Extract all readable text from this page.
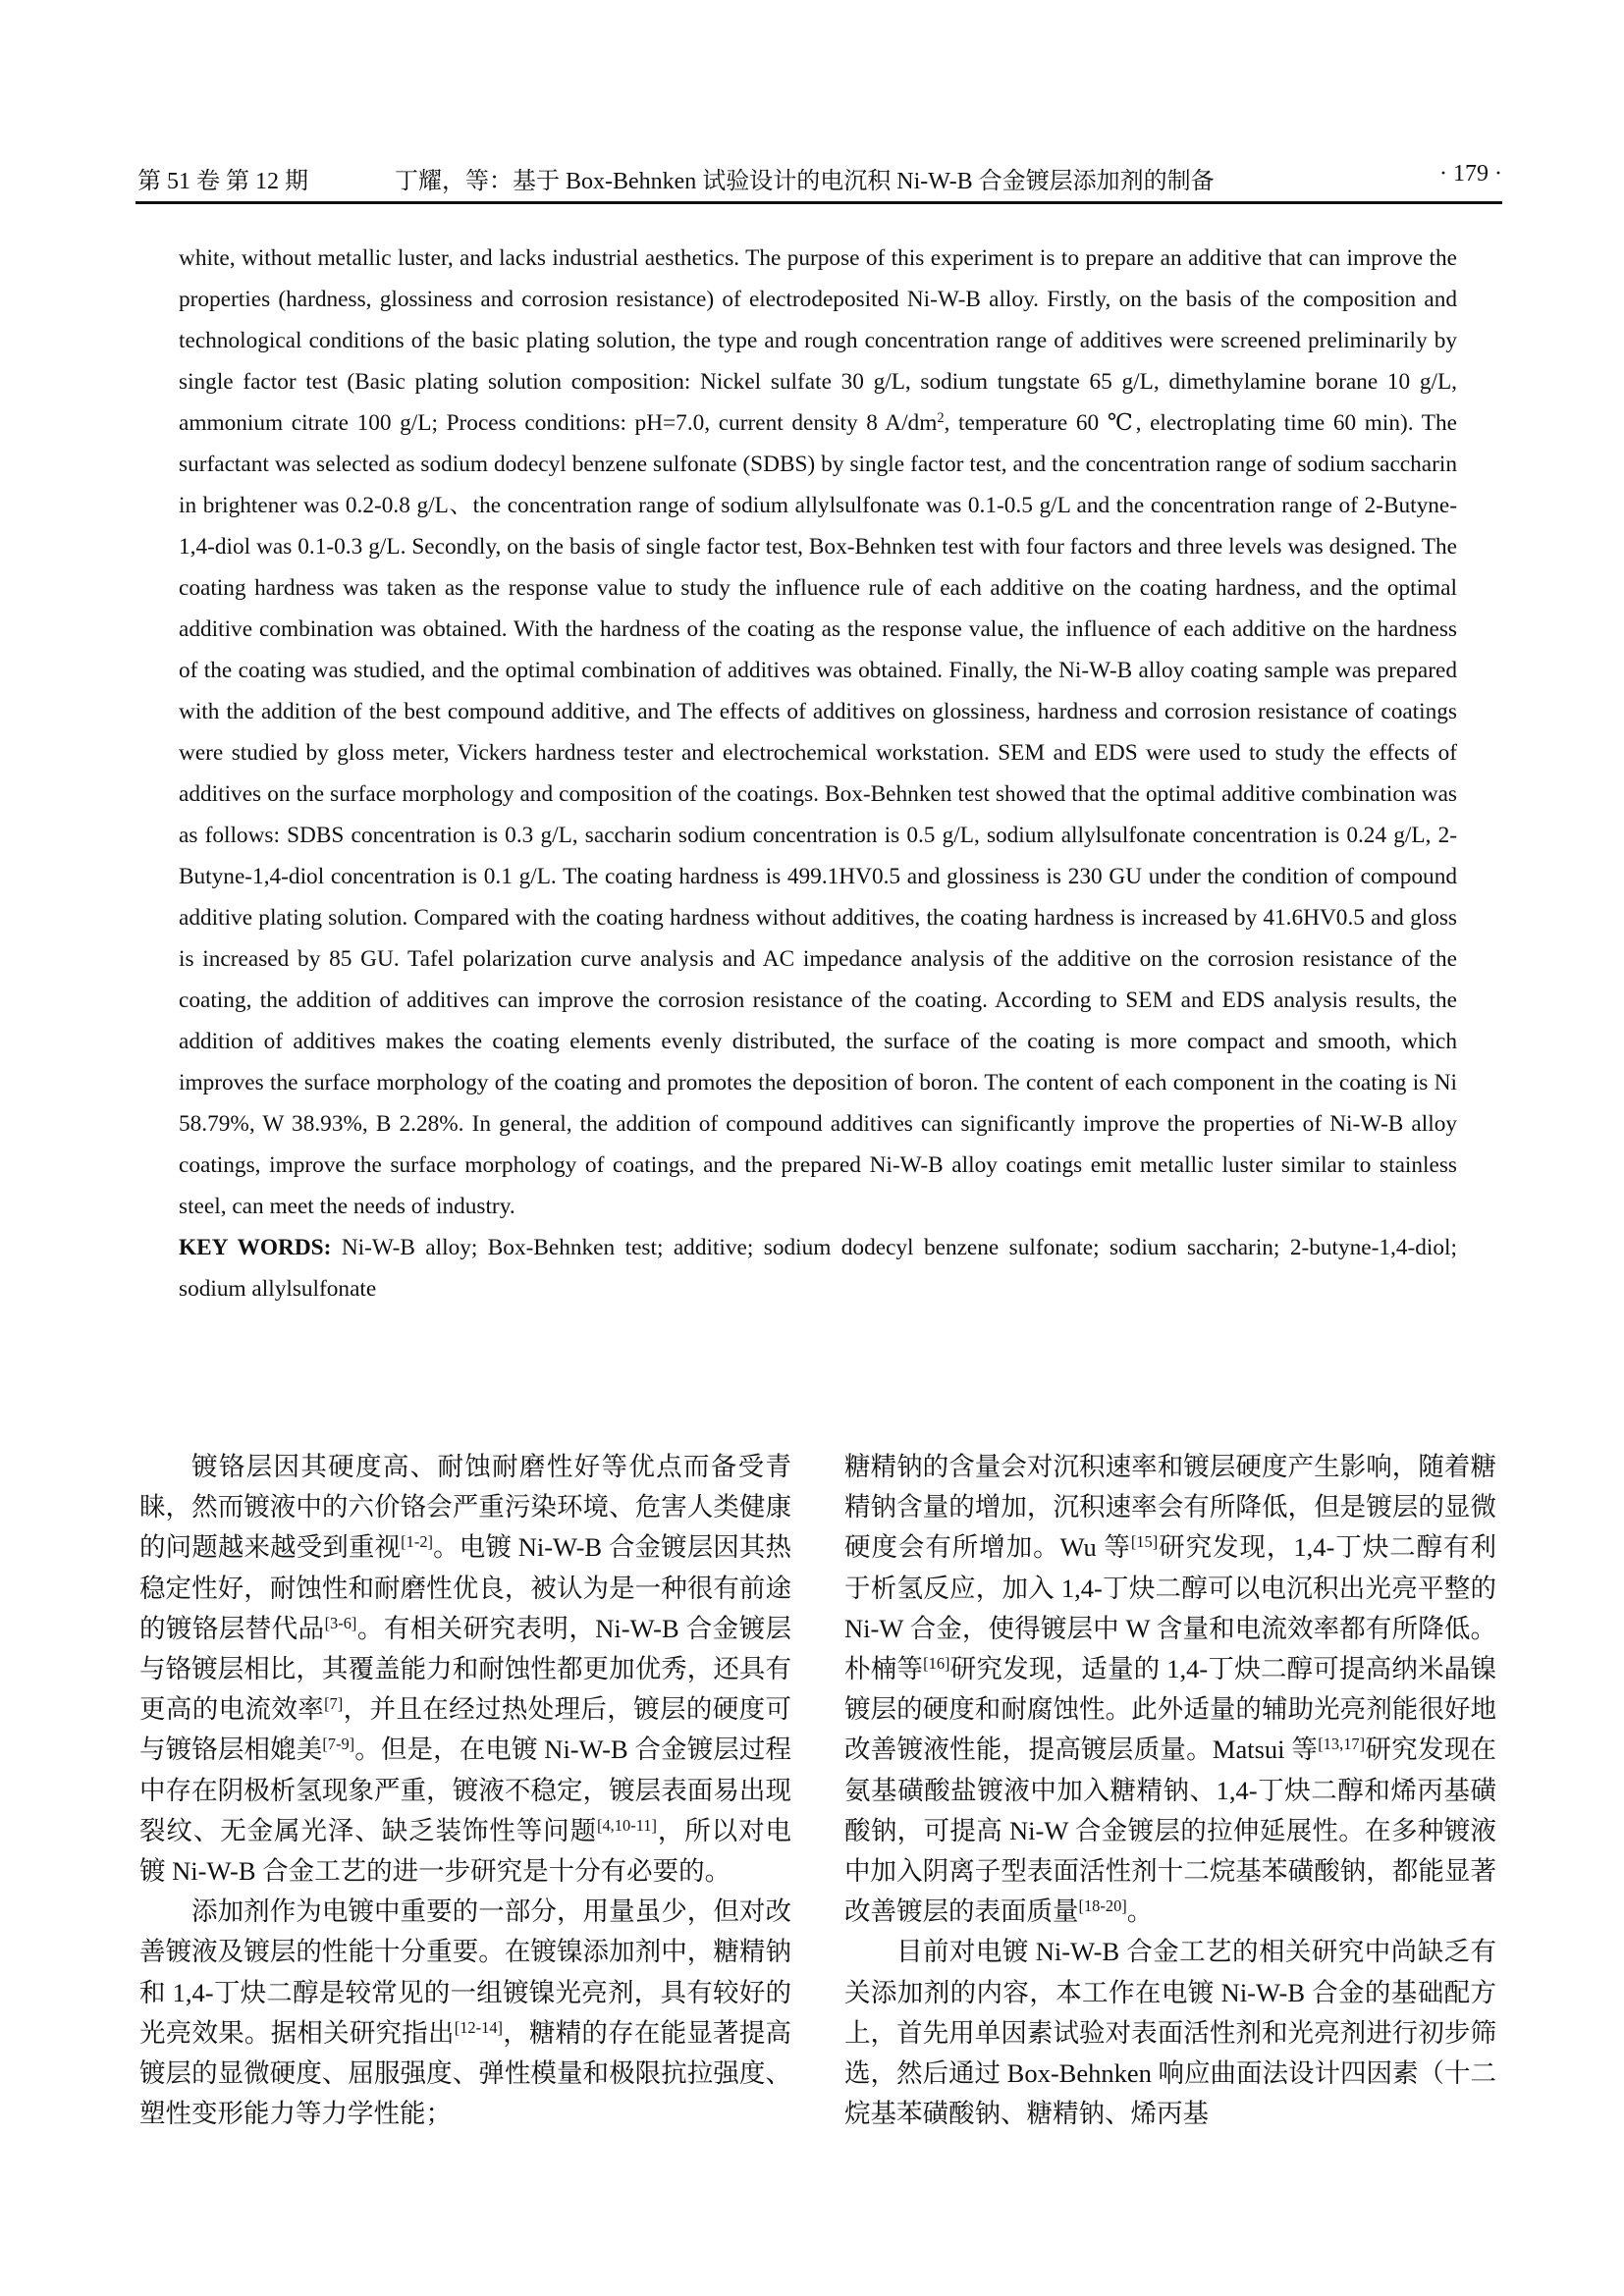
第 51 卷 第 12 期	丁耀，等：基于 Box-Behnken 试验设计的电沉积 Ni-W-B 合金镀层添加剂的制备	· 179 ·

white, without metallic luster, and lacks industrial aesthetics. The purpose of this experiment is to prepare an additive that can improve the properties (hardness, glossiness and corrosion resistance) of electrodeposited Ni-W-B alloy. Firstly, on the basis of the composition and technological conditions of the basic plating solution, the type and rough concentration range of additives were screened preliminarily by single factor test (Basic plating solution composition: Nickel sulfate 30 g/L, sodium tungstate 65 g/L, dimethylamine borane 10 g/L, ammonium citrate 100 g/L; Process conditions: pH=7.0, current density 8 $A/dm^2$, temperature 60 ℃, electroplating time 60 min). The surfactant was selected as sodium dodecyl benzene sulfonate (SDBS) by single factor test, and the concentration range of sodium saccharin in brightener was 0.2-0.8 g/L、the concentration range of sodium allylsulfonate was 0.1-0.5 g/L and the concentration range of 2-Butyne-1,4-diol was 0.1-0.3 g/L. Secondly, on the basis of single factor test, Box-Behnken test with four factors and three levels was designed. The coating hardness was taken as the response value to study the influence rule of each additive on the coating hardness, and the optimal additive combination was obtained. With the hardness of the coating as the response value, the influence of each additive on the hardness of the coating was studied, and the optimal combination of additives was obtained. Finally, the Ni-W-B alloy coating sample was prepared with the addition of the best compound additive, and The effects of additives on glossiness, hardness and corrosion resistance of coatings were studied by gloss meter, Vickers hardness tester and electrochemical workstation. SEM and EDS were used to study the effects of additives on the surface morphology and composition of the coatings. Box-Behnken test showed that the optimal additive combination was as follows: SDBS concentration is 0.3 g/L, saccharin sodium concentration is 0.5 g/L, sodium allylsulfonate concentration is 0.24 g/L, 2-Butyne-1,4-diol concentration is 0.1 g/L. The coating hardness is 499.1HV0.5 and glossiness is 230 GU under the condition of compound additive plating solution. Compared with the coating hardness without additives, the coating hardness is increased by 41.6HV0.5 and gloss is increased by 85 GU. Tafel polarization curve analysis and AC impedance analysis of the additive on the corrosion resistance of the coating, the addition of additives can improve the corrosion resistance of the coating. According to SEM and EDS analysis results, the addition of additives makes the coating elements evenly distributed, the surface of the coating is more compact and smooth, which improves the surface morphology of the coating and promotes the deposition of boron. The content of each component in the coating is Ni 58.79%, W 38.93%, B 2.28%. In general, the addition of compound additives can significantly improve the properties of Ni-W-B alloy coatings, improve the surface morphology of coatings, and the prepared Ni-W-B alloy coatings emit metallic luster similar to stainless steel, can meet the needs of industry.

KEY WORDS: Ni-W-B alloy; Box-Behnken test; additive; sodium dodecyl benzene sulfonate; sodium saccharin; 2-butyne-1,4-diol; sodium allylsulfonate

镀铬层因其硬度高、耐蚀耐磨性好等优点而备受青睐，然而镀液中的六价铬会严重污染环境、危害人类健康的问题越来越受到重视[1-2]。电镀 Ni-W-B 合金镀层因其热稳定性好，耐蚀性和耐磨性优良，被认为是一种很有前途的镀铬层替代品[3-6]。有相关研究表明，Ni-W-B 合金镀层与铬镀层相比，其覆盖能力和耐蚀性都更加优秀，还具有更高的电流效率[7]，并且在经过热处理后，镀层的硬度可与镀铬层相媲美[7-9]。但是，在电镀 Ni-W-B 合金镀层过程中存在阴极析氢现象严重，镀液不稳定，镀层表面易出现裂纹、无金属光泽、缺乏装饰性等问题[4,10-11]，所以对电镀 Ni-W-B 合金工艺的进一步研究是十分有必要的。

添加剂作为电镀中重要的一部分，用量虽少，但对改善镀液及镀层的性能十分重要。在镀镍添加剂中，糖精钠和 1,4-丁炔二醇是较常见的一组镀镍光亮剂，具有较好的光亮效果。据相关研究指出[12-14]，糖精的存在能显著提高镀层的显微硬度、屈服强度、弹性模量和极限抗拉强度、塑性变形能力等力学性能；

糖精钠的含量会对沉积速率和镀层硬度产生影响，随着糖精钠含量的增加，沉积速率会有所降低，但是镀层的显微硬度会有所增加。Wu 等[15]研究发现，1,4-丁炔二醇有利于析氢反应，加入 1,4-丁炔二醇可以电沉积出光亮平整的 Ni-W 合金，使得镀层中 W 含量和电流效率都有所降低。朴楠等[16]研究发现，适量的 1,4-丁炔二醇可提高纳米晶镍镀层的硬度和耐腐蚀性。此外适量的辅助光亮剂能很好地改善镀液性能，提高镀层质量。Matsui 等[13,17]研究发现在氨基磺酸盐镀液中加入糖精钠、1,4-丁炔二醇和烯丙基磺酸钠，可提高 Ni-W 合金镀层的拉伸延展性。在多种镀液中加入阴离子型表面活性剂十二烷基苯磺酸钠，都能显著改善镀层的表面质量[18-20]。

目前对电镀 Ni-W-B 合金工艺的相关研究中尚缺乏有关添加剂的内容，本工作在电镀 Ni-W-B 合金的基础配方上，首先用单因素试验对表面活性剂和光亮剂进行初步筛选，然后通过 Box-Behnken 响应曲面法设计四因素（十二烷基苯磺酸钠、糖精钠、烯丙基
